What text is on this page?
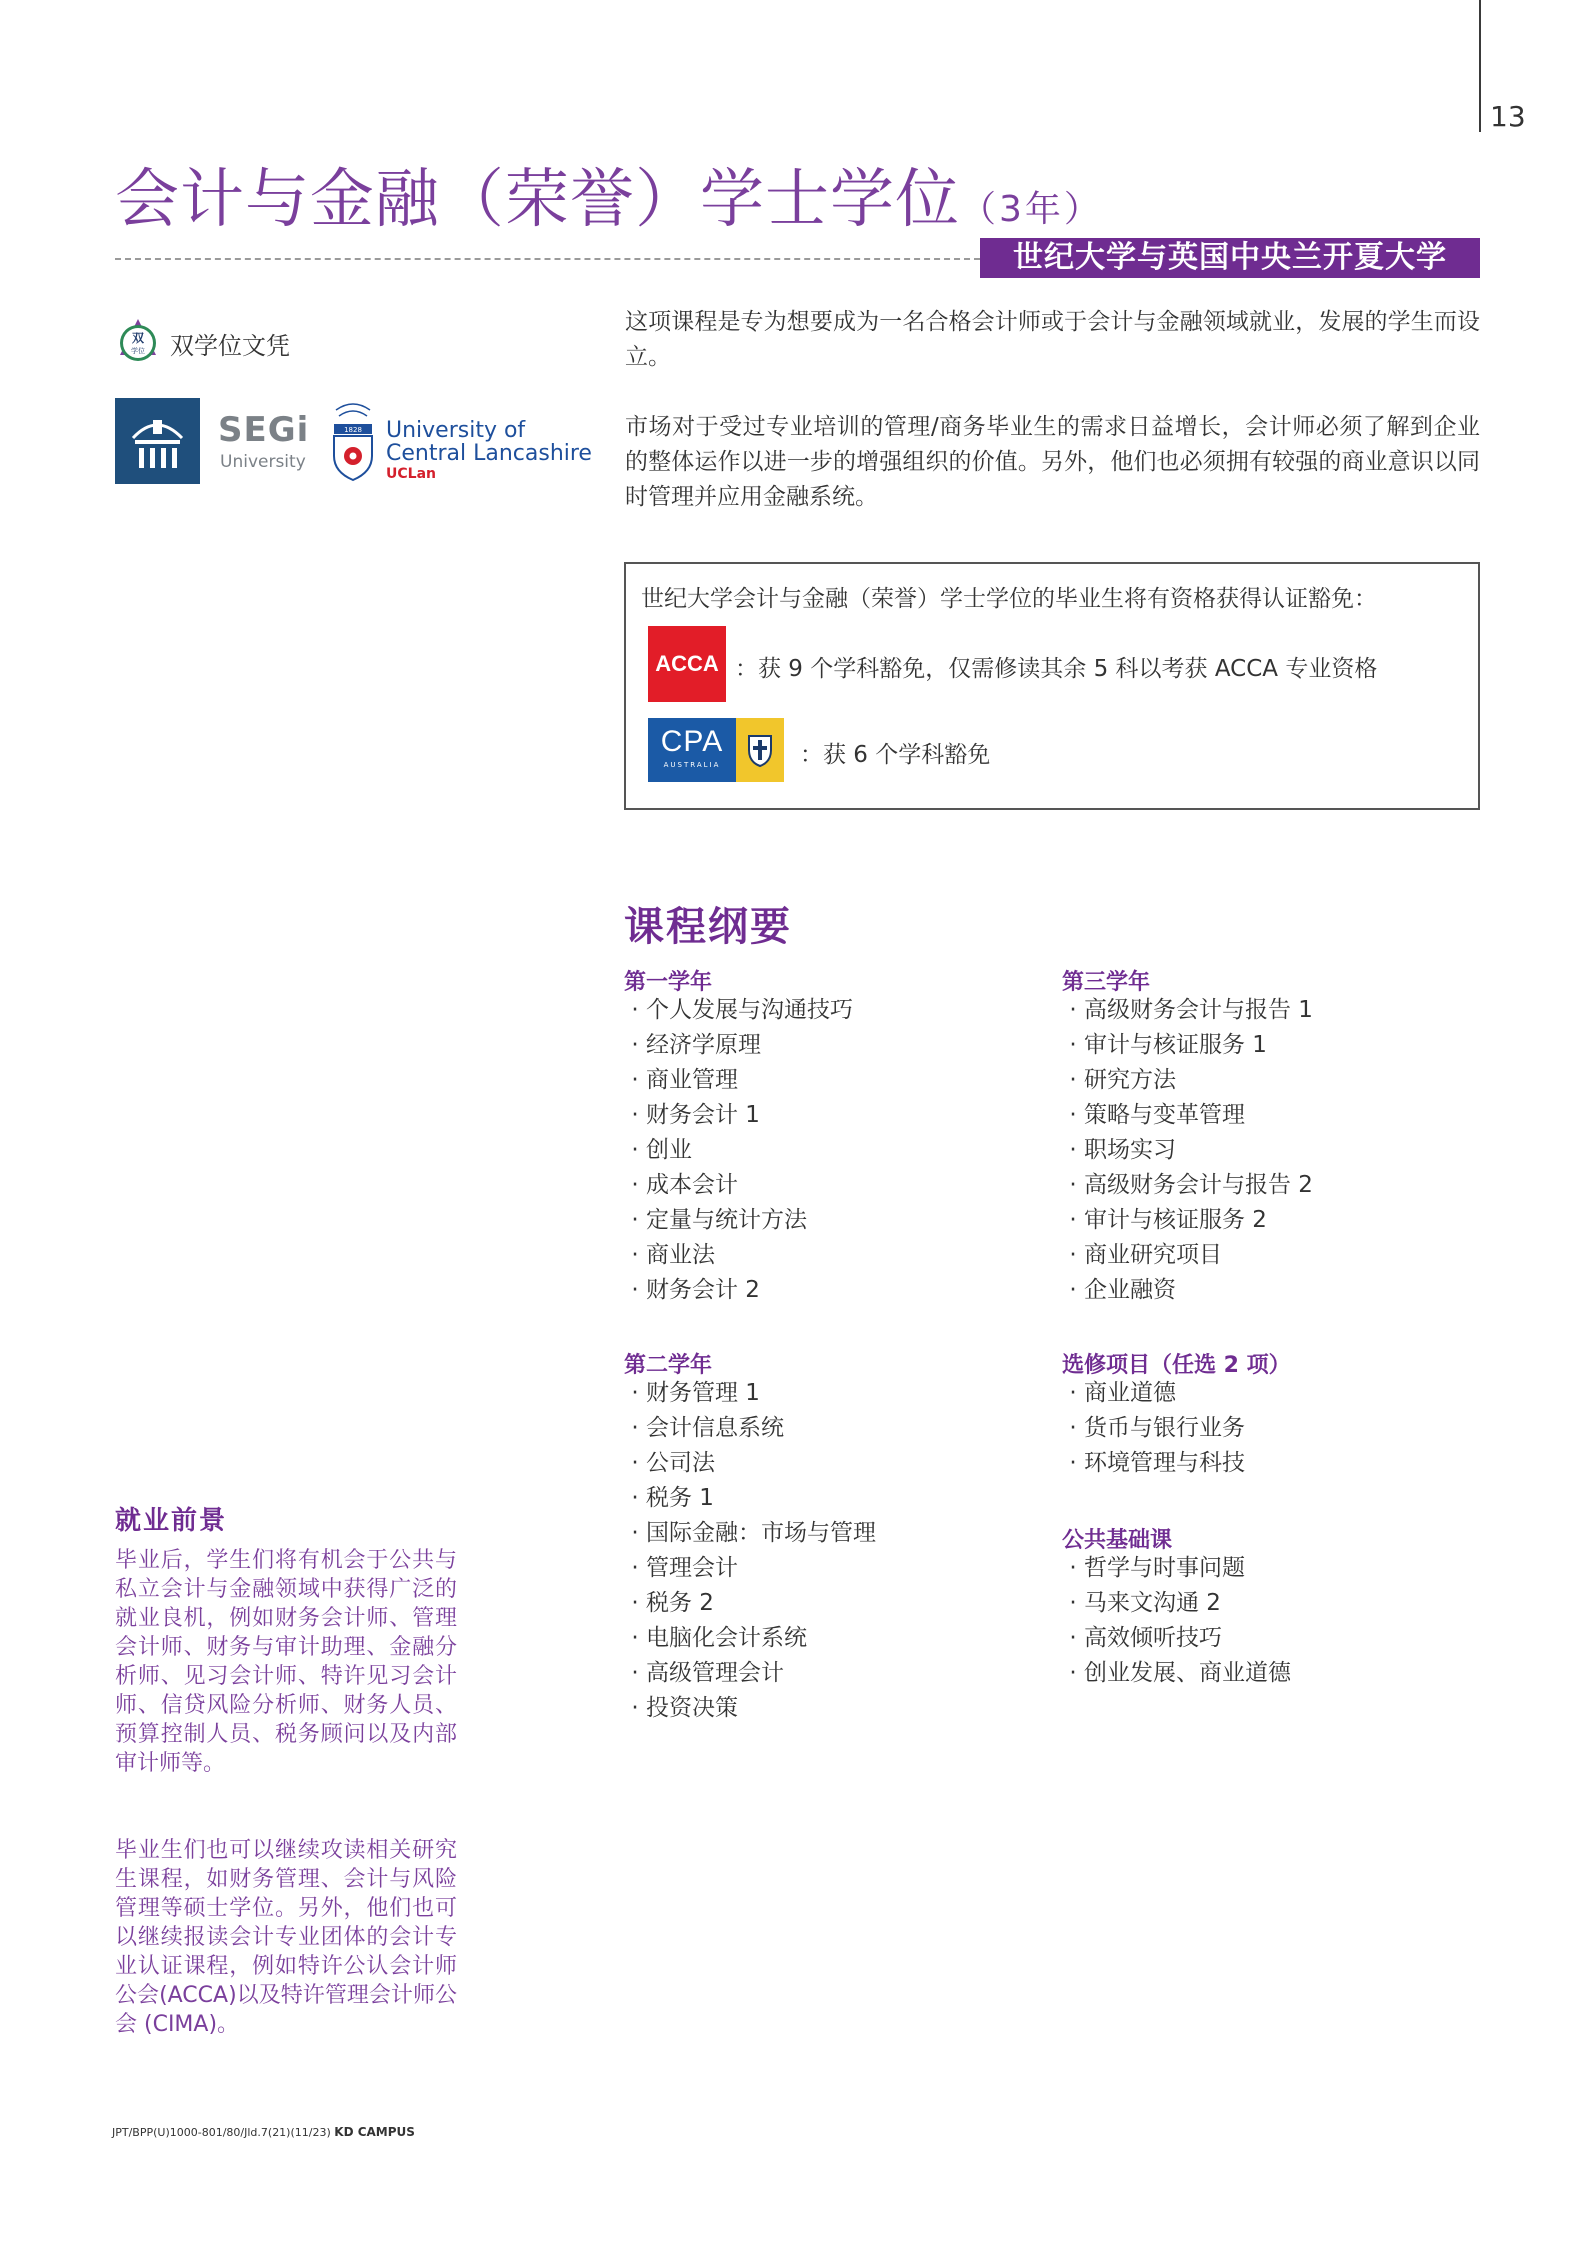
13
会计与金融（荣誉）学士学位（3年）
世纪大学与英国中央兰开夏大学
双
学位 双学位文凭
SEGi
University
1828 University of
Central Lancashire
UCLan
这项课程是专为想要成为一名合格会计师或于会计与金融领域就业，发展的学生而设立。
市场对于受过专业培训的管理/商务毕业生的需求日益增长，会计师必须了解到企业的整体运作以进一步的增强组织的价值。另外，他们也必须拥有较强的商业意识以同时管理并应用金融系统。
世纪大学会计与金融（荣誉）学士学位的毕业生将有资格获得认证豁免：
ACCA ：获 9 个学科豁免，仅需修读其余 5 科以考获 ACCA 专业资格
CPA
AUSTRALIA	：获 6 个学科豁免
课程纲要
第一学年
· 个人发展与沟通技巧
· 经济学原理
· 商业管理
· 财务会计 1
· 创业
· 成本会计
· 定量与统计方法
· 商业法
· 财务会计 2
第三学年
· 高级财务会计与报告 1
· 审计与核证服务 1
· 研究方法
· 策略与变革管理
· 职场实习
· 高级财务会计与报告 2
· 审计与核证服务 2
· 商业研究项目
· 企业融资
第二学年
· 财务管理 1
· 会计信息系统
· 公司法
· 税务 1
· 国际金融：市场与管理
· 管理会计
· 税务 2
· 电脑化会计系统
· 高级管理会计
· 投资决策
选修项目（任选 2 项）
· 商业道德
· 货币与银行业务
· 环境管理与科技
公共基础课
· 哲学与时事问题
· 马来文沟通 2
· 高效倾听技巧
· 创业发展、商业道德
就业前景
毕业后，学生们将有机会于公共与私立会计与金融领域中获得广泛的就业良机，例如财务会计师、管理会计师、财务与审计助理、金融分析师、见习会计师、特许见习会计师、信贷风险分析师、财务人员、预算控制人员、税务顾问以及内部审计师等。
毕业生们也可以继续攻读相关研究生课程，如财务管理、会计与风险管理等硕士学位。另外，他们也可以继续报读会计专业团体的会计专业认证课程，例如特许公认会计师公会(ACCA)以及特许管理会计师公会 (CIMA)。
JPT/BPP(U)1000-801/80/Jld.7(21)(11/23) KD CAMPUS
